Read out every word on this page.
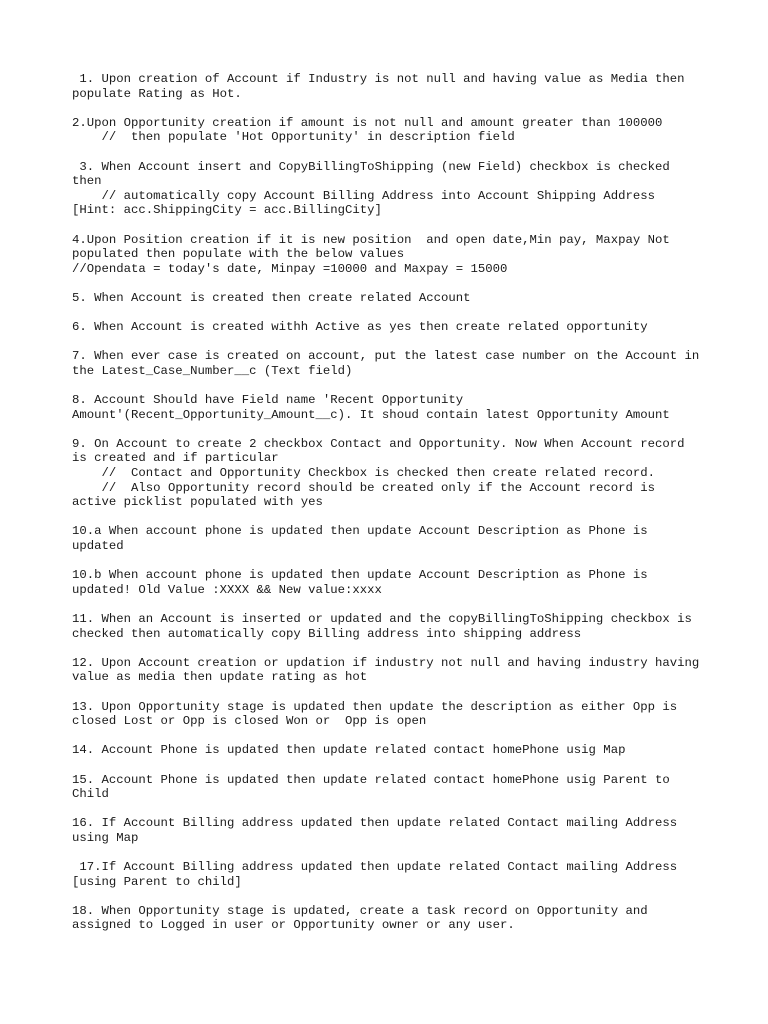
1. Upon creation of Account if Industry is not null and having value as Media then populate Rating as Hot.

2.Upon Opportunity creation if amount is not null and amount greater than 100000
//  then populate 'Hot Opportunity' in description field

3. When Account insert and CopyBillingToShipping (new Field) checkbox is checked then
// automatically copy Account Billing Address into Account Shipping Address
[Hint: acc.ShippingCity = acc.BillingCity]

4.Upon Position creation if it is new position  and open date,Min pay, Maxpay Not populated then populate with the below values
//Opendata = today's date, Minpay =10000 and Maxpay = 15000

5. When Account is created then create related Account

6. When Account is created withh Active as yes then create related opportunity

7. When ever case is created on account, put the latest case number on the Account in the Latest_Case_Number__c (Text field)

8. Account Should have Field name 'Recent Opportunity Amount'(Recent_Opportunity_Amount__c). It shoud contain latest Opportunity Amount

9. On Account to create 2 checkbox Contact and Opportunity. Now When Account record is created and if particular
//  Contact and Opportunity Checkbox is checked then create related record.
//  Also Opportunity record should be created only if the Account record is active picklist populated with yes

10.a When account phone is updated then update Account Description as Phone is updated

10.b When account phone is updated then update Account Description as Phone is updated! Old Value :XXXX && New value:xxxx

11. When an Account is inserted or updated and the copyBillingToShipping checkbox is checked then automatically copy Billing address into shipping address

12. Upon Account creation or updation if industry not null and having industry having value as media then update rating as hot

13. Upon Opportunity stage is updated then update the description as either Opp is closed Lost or Opp is closed Won or  Opp is open

14. Account Phone is updated then update related contact homePhone usig Map

15. Account Phone is updated then update related contact homePhone usig Parent to Child

16. If Account Billing address updated then update related Contact mailing Address using Map

17.If Account Billing address updated then update related Contact mailing Address [using Parent to child]

18. When Opportunity stage is updated, create a task record on Opportunity and assigned to Logged in user or Opportunity owner or any user.
